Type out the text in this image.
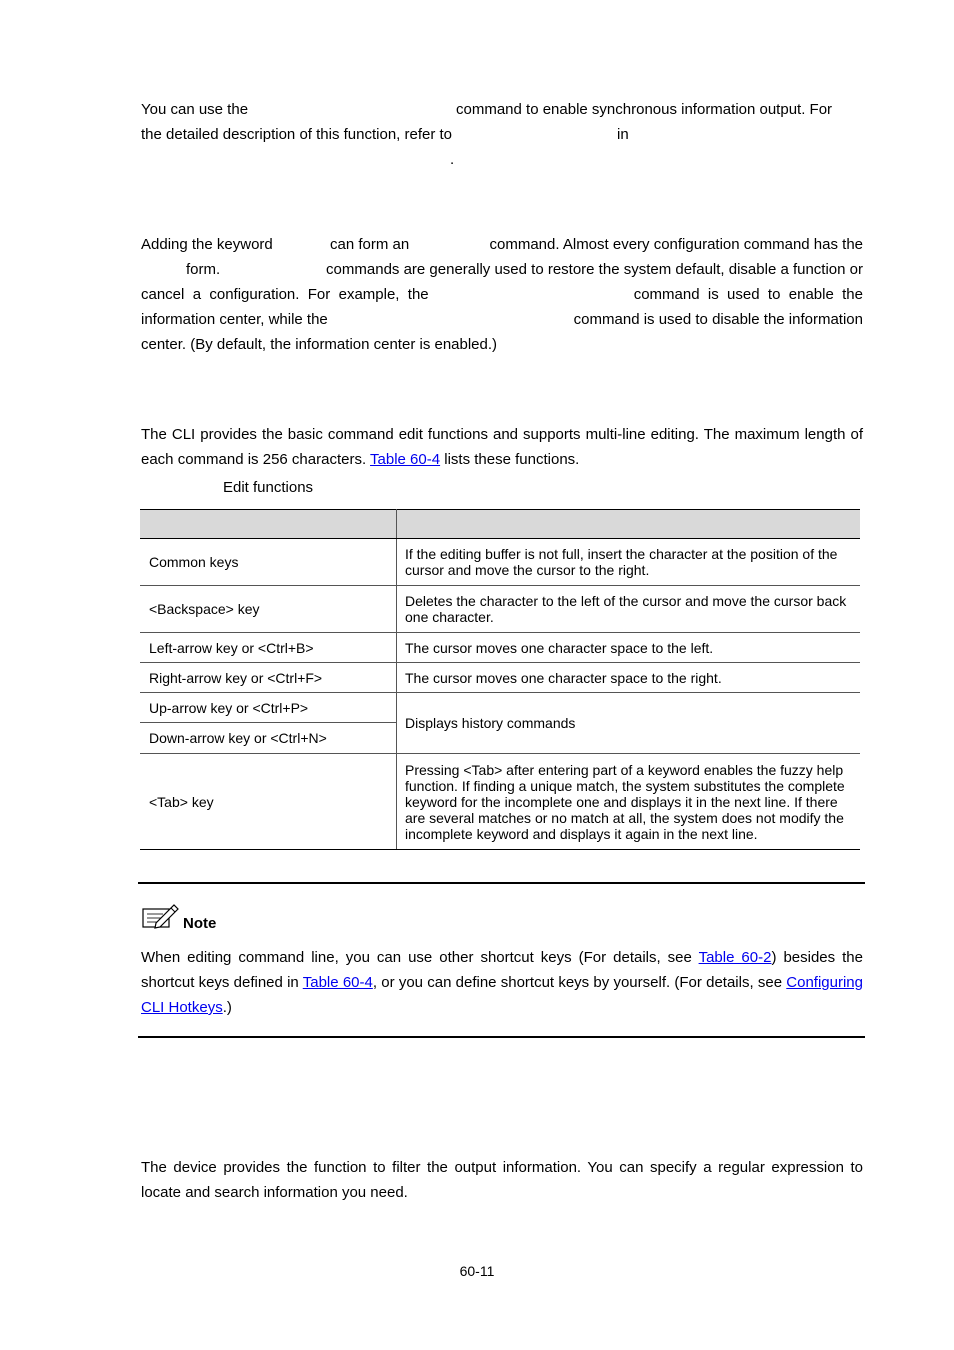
You can use the	command to enable synchronous information output. For
the detailed description of this function, refer to	in
.
Adding the keyword	can form an	command. Almost every configuration command has the
form.	commands are generally used to restore the system default, disable a function or
cancel  a  configuration.  For  example,  the	command  is  used  to  enable  the
information center, while the	command is used to disable the information
center. (By default, the information center is enabled.)

The CLI provides the basic command edit functions and supports multi-line editing. The maximum length of each command is 256 characters. Table 60-4 lists these functions.

Edit functions

Common keys	If the editing buffer is not full, insert the character at the position of the cursor and move the cursor to the right.
<Backspace> key	Deletes the character to the left of the cursor and move the cursor back one character.
Left-arrow key or <Ctrl+B>	The cursor moves one character space to the left.
Right-arrow key or <Ctrl+F>	The cursor moves one character space to the right.
Up-arrow key or <Ctrl+P>	Displays history commands
Down-arrow key or <Ctrl+N>	
<Tab> key	Pressing <Tab> after entering part of a keyword enables the fuzzy help function. If finding a unique match, the system substitutes the complete keyword for the incomplete one and displays it in the next line. If there are several matches or no match at all, the system does not modify the incomplete keyword and displays it again in the next line.
Note

When editing command line, you can use other shortcut keys (For details, see Table 60-2) besides the shortcut keys defined in Table 60-4, or you can define shortcut keys by yourself. (For details, see Configuring CLI Hotkeys.)

The device provides the function to filter the output information. You can specify a regular expression to locate and search information you need.

60-11
